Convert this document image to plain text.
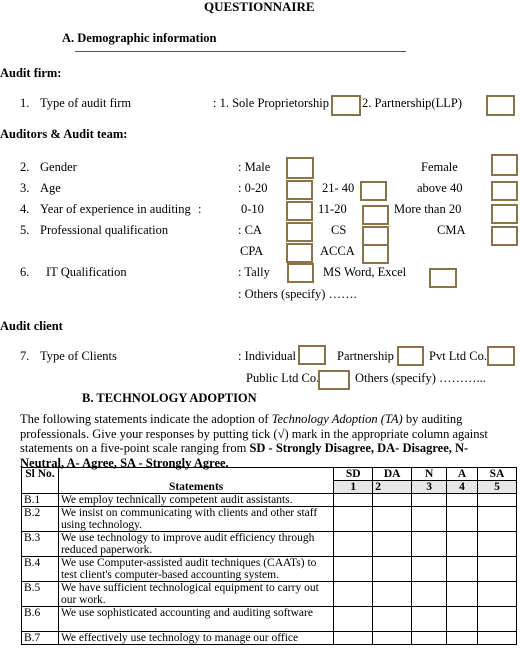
QUESTIONNAIRE
A. Demographic information
Audit firm:
1. Type of audit firm	: 1. Sole Proprietorship	2. Partnership(LLP)
Auditors & Audit team:
2. Gender	: Male	Female
3. Age	: 0-20	21- 40	above 40
4. Year of experience in auditing :	0-10	11-20	More than 20
5. Professional qualification	: CA	CS	CMA
CPA	ACCA
6. IT Qualification	: Tally	MS Word, Excel
: Others (specify) …….
Audit client
7. Type of Clients	: Individual	Partnership	Pvt Ltd Co.
Public Ltd Co.	Others (specify) ………...
B. TECHNOLOGY ADOPTION
The following statements indicate the adoption of Technology Adoption (TA) by auditing professionals. Give your responses by putting tick (√) mark in the appropriate column against statements on a five-point scale ranging from SD - Strongly Disagree, DA- Disagree, N- Neutral, A- Agree, SA - Strongly Agree.
Sl No.	Statements	SD	DA	N	A	SA
		1	2	3	4	5
B.1	We employ technically competent audit assistants.					
B.2	We insist on communicating with clients and other staff using technology.					
B.3	We use technology to improve audit efficiency through reduced paperwork.					
B.4	We use Computer-assisted audit techniques (CAATs) to test client's computer-based accounting system.					
B.5	We have sufficient technological equipment to carry out our work.					
B.6	We use sophisticated accounting and auditing software					
B.7	We effectively use technology to manage our office					
